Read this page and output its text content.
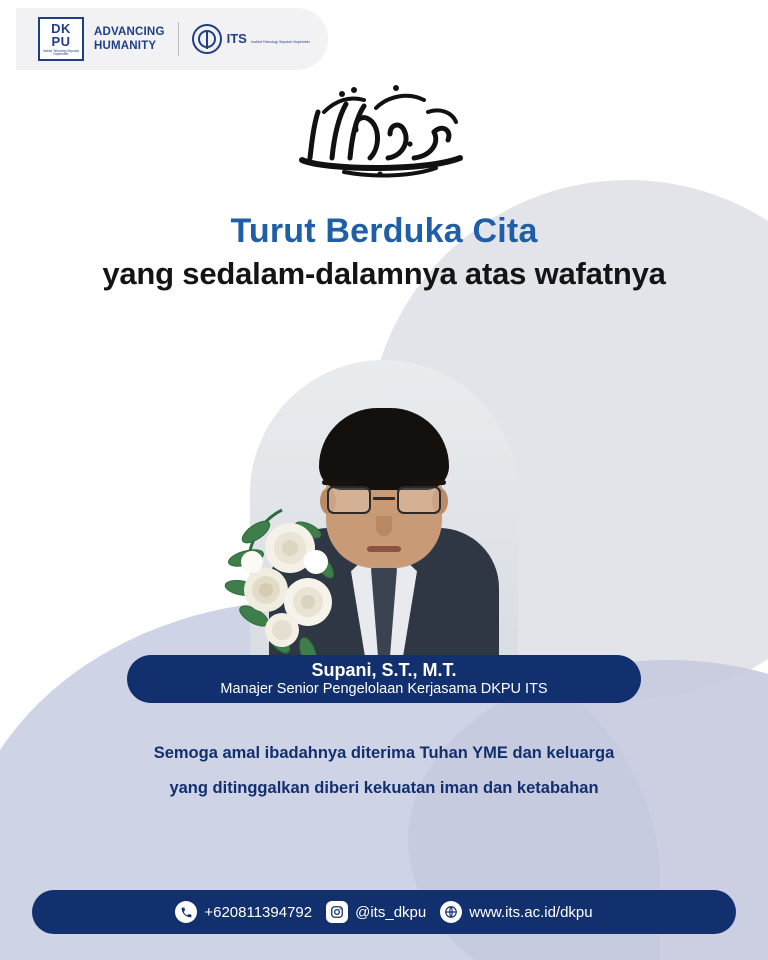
DK
PU
Institut Teknologi Sepuluh Nopember
ADVANCING
HUMANITY	ITS Institut Teknologi Sepuluh Nopember
Turut Berduka Cita
yang sedalam-dalamnya atas wafatnya
Supani, S.T., M.T.
Manajer Senior Pengelolaan Kerjasama DKPU ITS
Semoga amal ibadahnya diterima Tuhan YME dan keluarga
yang ditinggalkan diberi kekuatan iman dan ketabahan
+620811394792	@its_dkpu	www.its.ac.id/dkpu
